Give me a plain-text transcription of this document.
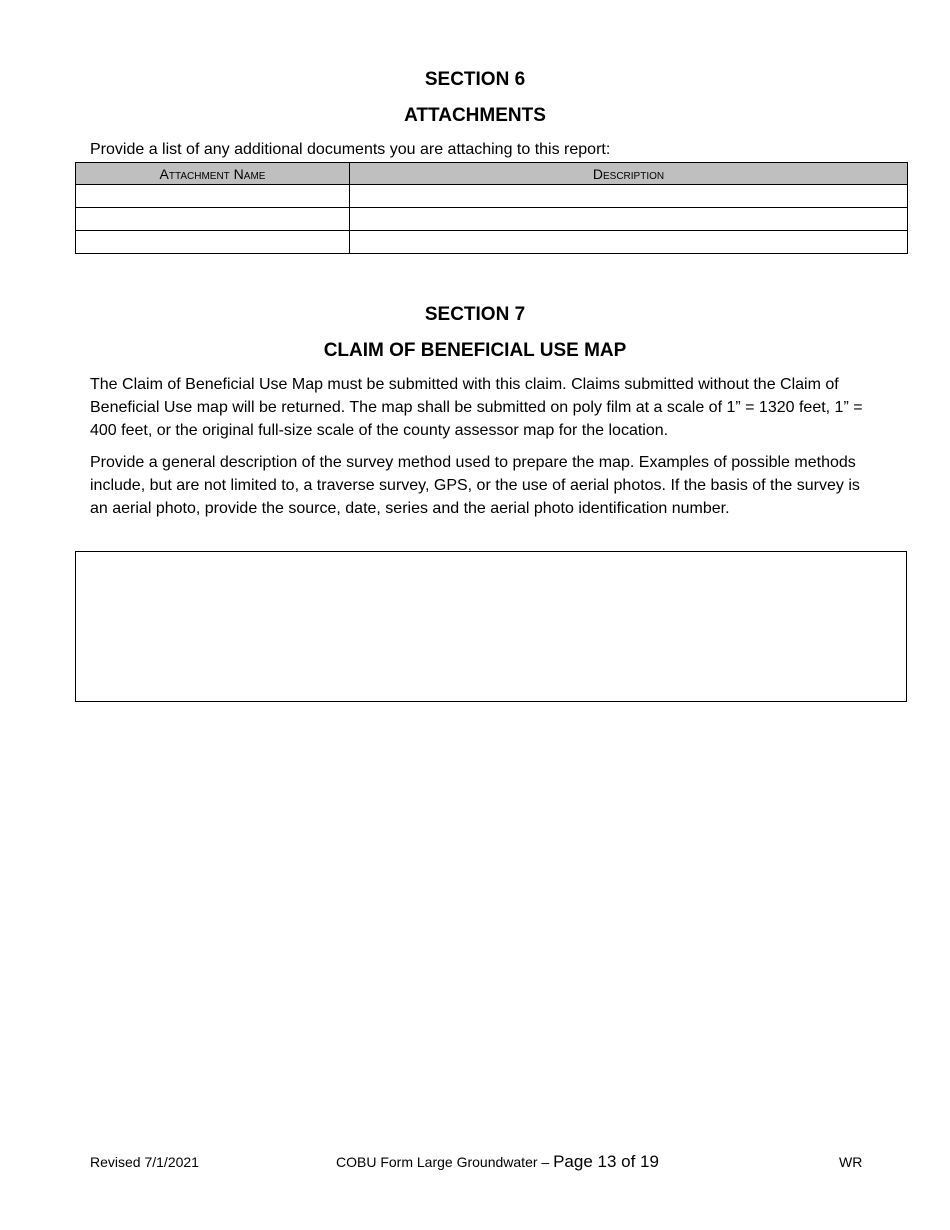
SECTION 6
ATTACHMENTS

Provide a list of any additional documents you are attaching to this report:

Attachment Name	Description

SECTION 7
CLAIM OF BENEFICIAL USE MAP

The Claim of Beneficial Use Map must be submitted with this claim. Claims submitted without the Claim of Beneficial Use map will be returned. The map shall be submitted on poly film at a scale of 1” = 1320 feet, 1” = 400 feet, or the original full-size scale of the county assessor map for the location.

Provide a general description of the survey method used to prepare the map. Examples of possible methods include, but are not limited to, a traverse survey, GPS, or the use of aerial photos. If the basis of the survey is an aerial photo, provide the source, date, series and the aerial photo identification number.

Revised 7/1/2021	COBU Form Large Groundwater – Page 13 of 19	WR
